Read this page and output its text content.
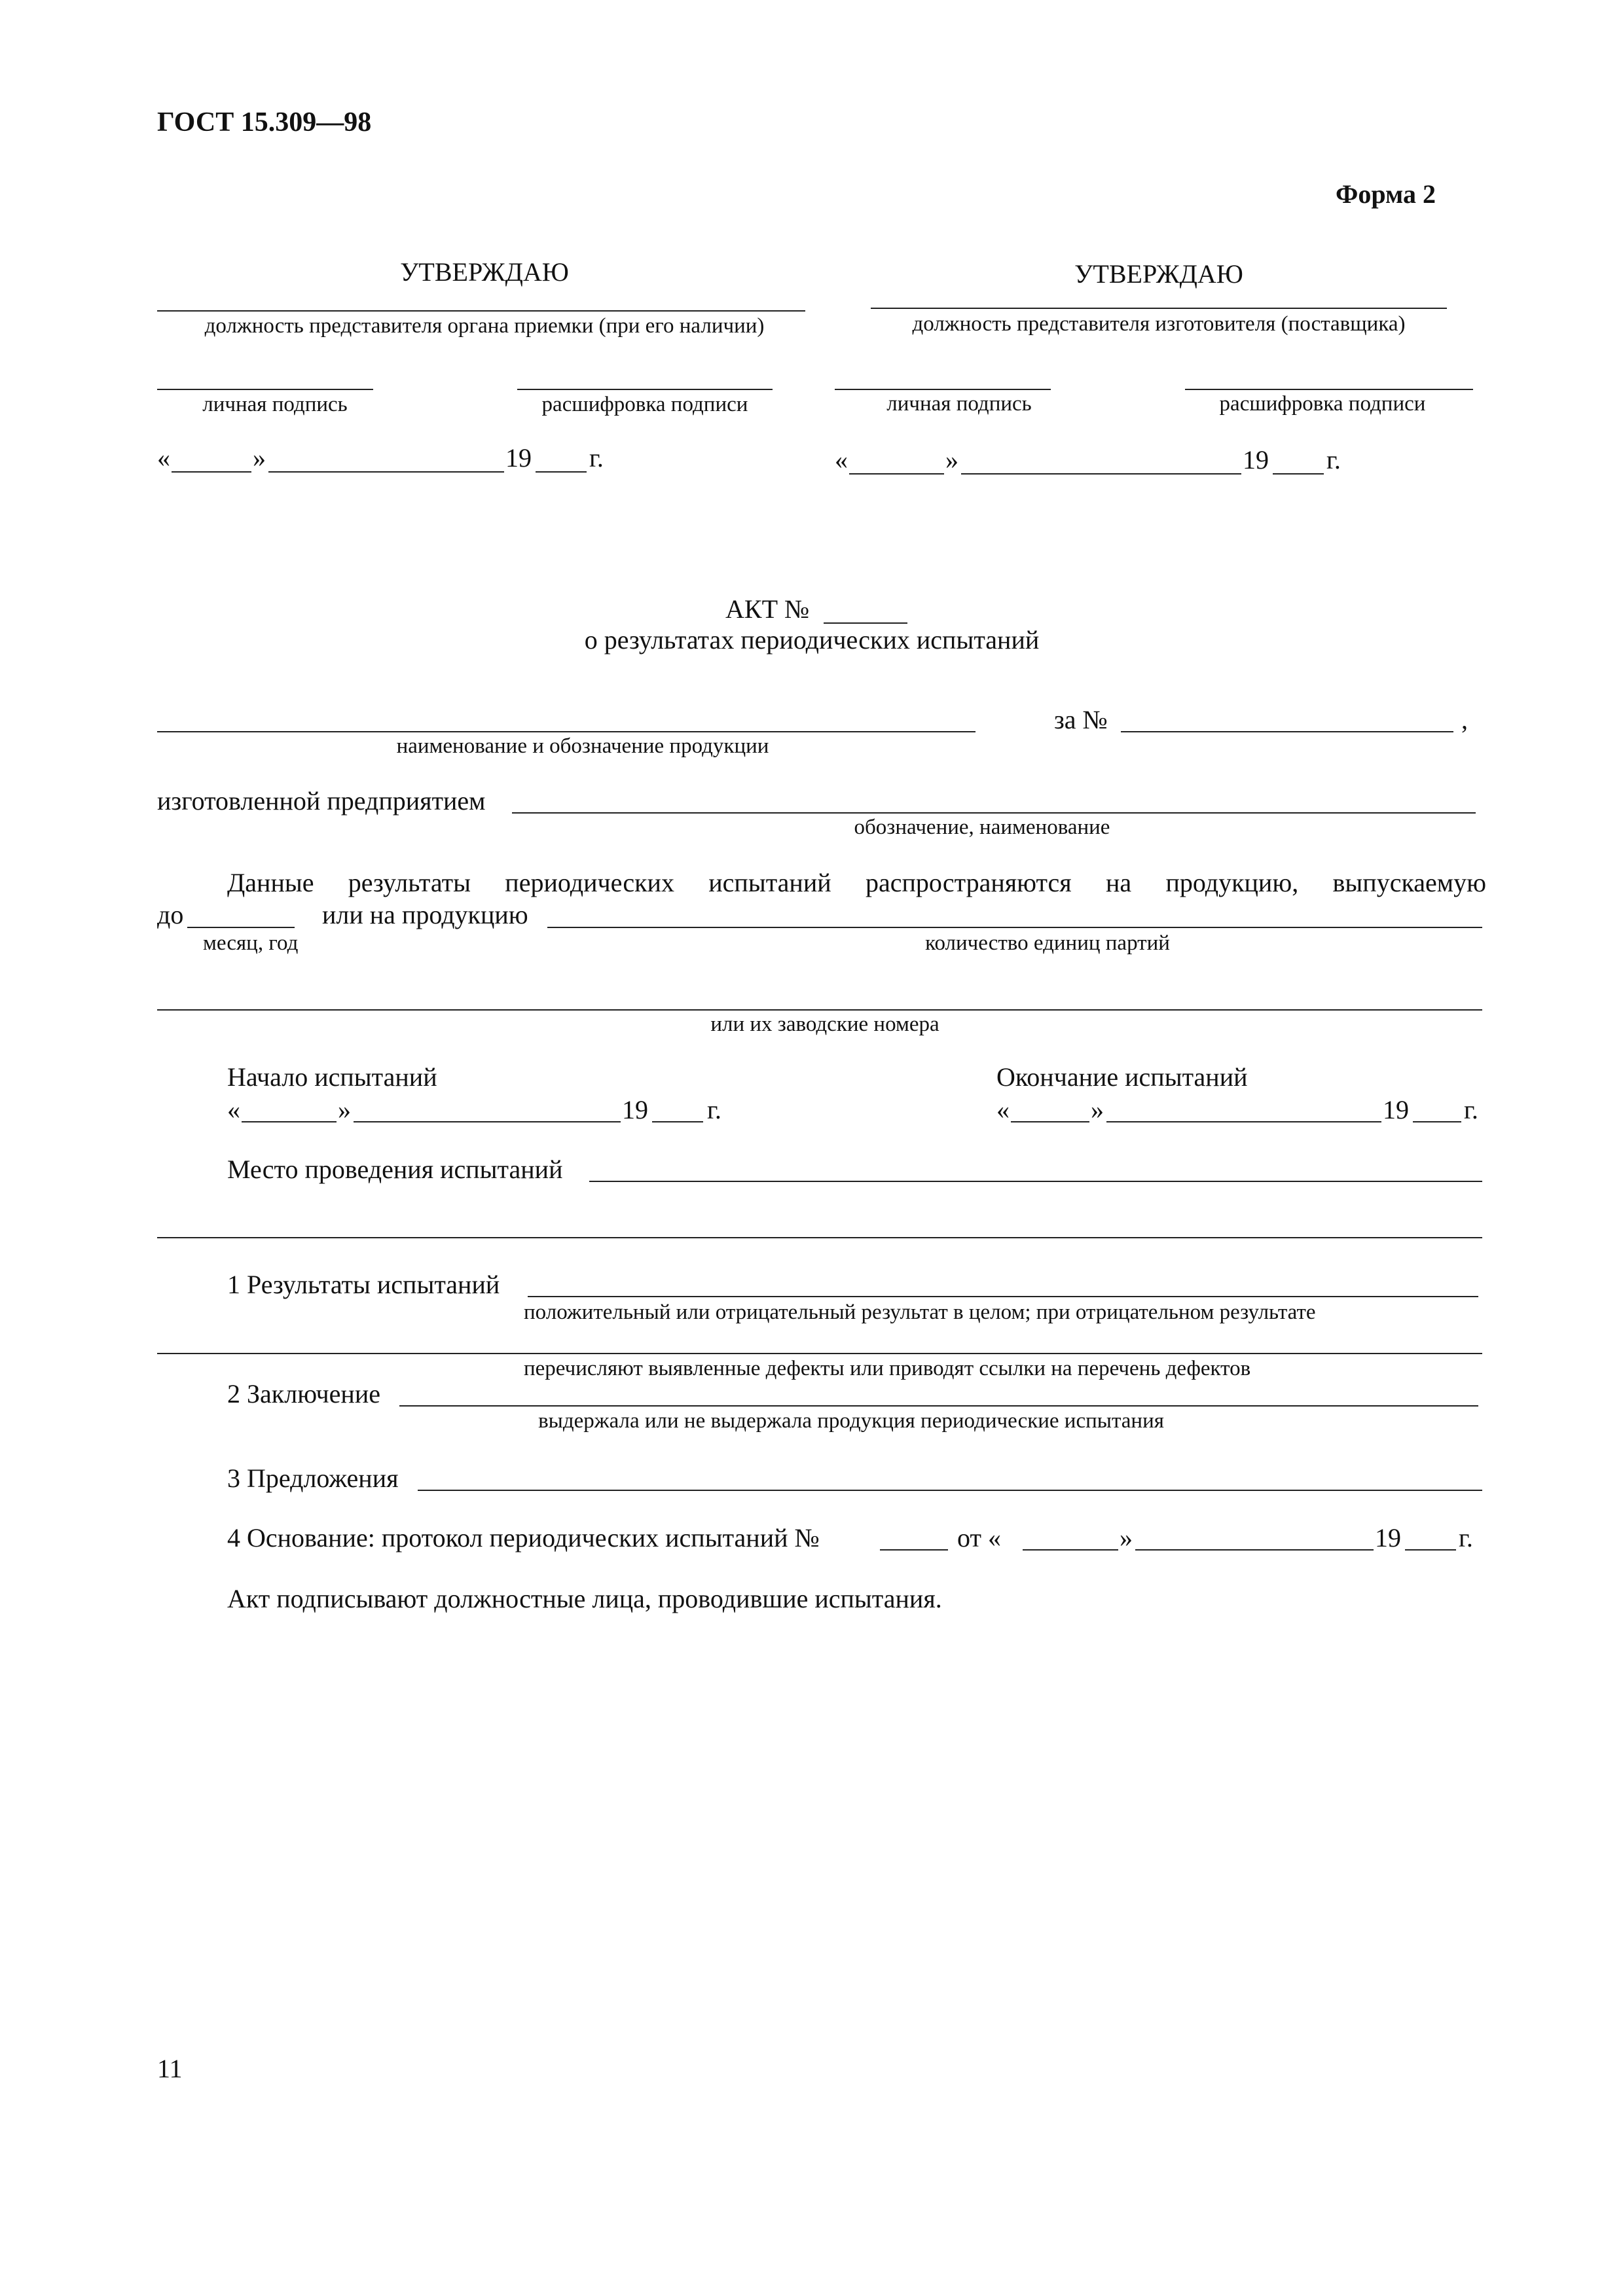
ГОСТ 15.309—98
Форма 2
УТВЕРЖДАЮ
должность представителя органа приемки (при его наличии)
личная подпись	расшифровка подписи
«	»	19 г.
УТВЕРЖДАЮ
должность представителя изготовителя (поставщика)
личная подпись	расшифровка подписи
«	»	19 г.
АКТ №
о результатах периодических испытаний
наименование и обозначение продукции
за №	,
изготовленной предприятием
обозначение, наименование
Данные результаты периодических испытаний распространяются на продукцию, выпускаемую
до	или на продукцию
месяц, год	количество единиц партий
или их заводские номера
Начало испытаний
«	»	19 г.
Окончание испытаний
«	»	19 г.
Место проведения испытаний
1 Результаты испытаний
положительный или отрицательный результат в целом; при отрицательном результате
перечисляют выявленные дефекты или приводят ссылки на перечень дефектов
2 Заключение
выдержала или не выдержала продукция периодические испытания
3 Предложения
4 Основание: протокол периодических испытаний №	от «	»	19 г.
Акт подписывают должностные лица, проводившие испытания.
11
